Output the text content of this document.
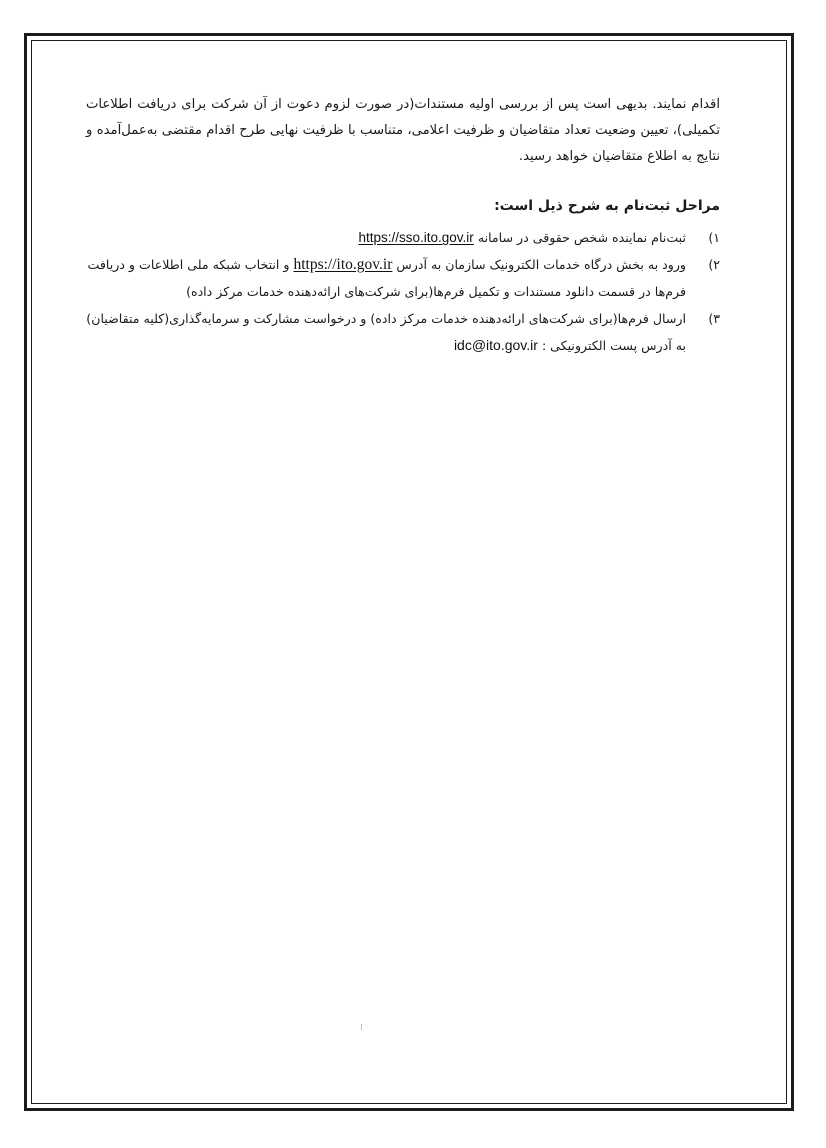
اقدام نمایند. بدیهی است پس از بررسی اولیه مستندات(در صورت لزوم دعوت از آن شرکت برای دریافت اطلاعات تکمیلی)، تعیین وضعیت تعداد متقاضیان و ظرفیت اعلامی، متناسب با ظرفیت نهایی طرح اقدام مقتضی به‌عمل‌آمده و نتایج به اطلاع متقاضیان خواهد رسید.

مراحل ثبت‌نام به شرح ذیل است:
۱)
ثبت‌نام نماینده شخص حقوقی در سامانه https://sso.ito.gov.ir
۲)
ورود به بخش درگاه خدمات الکترونیک سازمان به آدرس https://ito.gov.ir و انتخاب شبکه ملی اطلاعات و دریافت فرم‌ها در قسمت دانلود مستندات و تکمیل فرم‌ها(برای شرکت‌های ارائه‌دهنده خدمات مرکز داده)
۳)
ارسال فرم‌ها(برای شرکت‌های ارائه‌دهنده خدمات مرکز داده) و درخواست مشارکت و سرمایه‌گذاری(کلیه متقاضیان) به آدرس پست الکترونیکی : idc@ito.gov.ir
